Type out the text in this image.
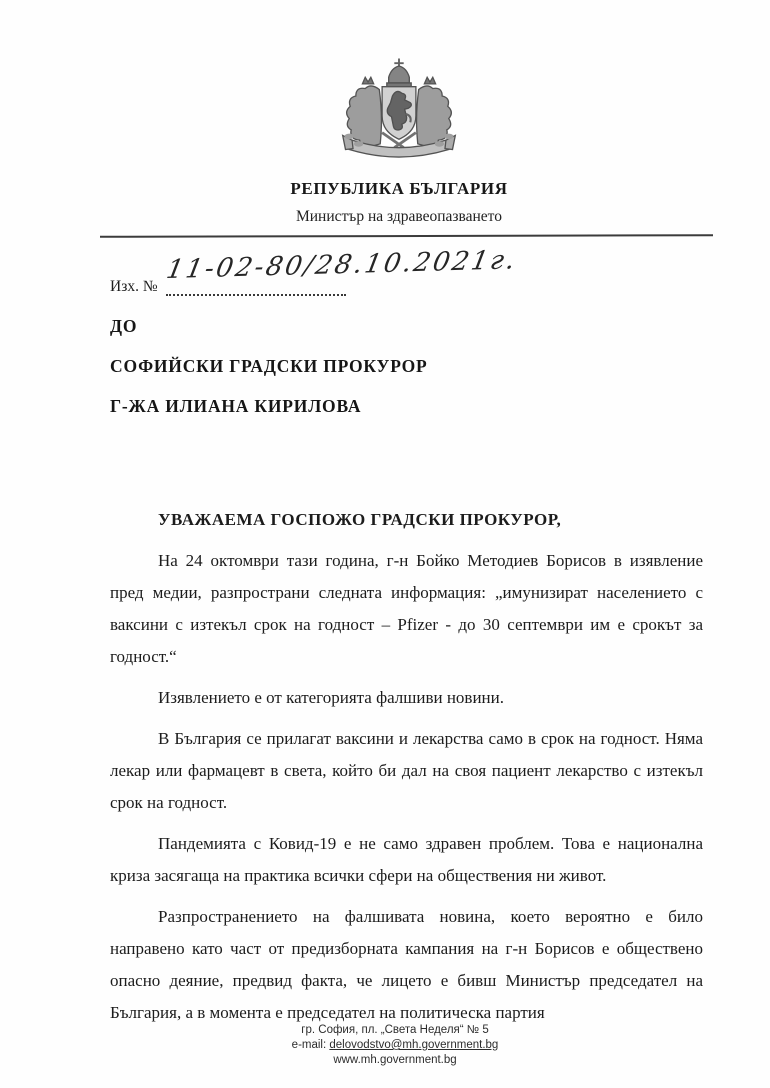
РЕПУБЛИКА БЪЛГАРИЯ
Министър на здравеопазването
Изх. №
11-02-80/28.10.2021г.
ДО
СОФИЙСКИ ГРАДСКИ ПРОКУРОР
Г-ЖА ИЛИАНА КИРИЛОВА

УВАЖАЕМА ГОСПОЖО ГРАДСКИ ПРОКУРОР,

На 24 октомври тази година, г-н Бойко Методиев Борисов в изявление пред медии, разпространи следната информация: „имунизират населението с ваксини с изтекъл срок на годност – Pfizer - до 30 септември им е срокът за годност.“

Изявлението е от категорията фалшиви новини.

В България се прилагат ваксини и лекарства само в срок на годност. Няма лекар или фармацевт в света, който би дал на своя пациент лекарство с изтекъл срок на годност.

Пандемията с Ковид-19 е не само здравен проблем. Това е национална криза засягаща на практика всички сфери на обществения ни живот.

Разпространението на фалшивата новина, което вероятно е било направено като част от предизборната кампания на г-н Борисов е обществено опасно деяние, предвид факта, че лицето е бивш Министър председател на България, а в момента е председател на политическа партия

гр. София, пл. „Света Неделя“ № 5
e-mail: delovodstvo@mh.government.bg
www.mh.government.bg
